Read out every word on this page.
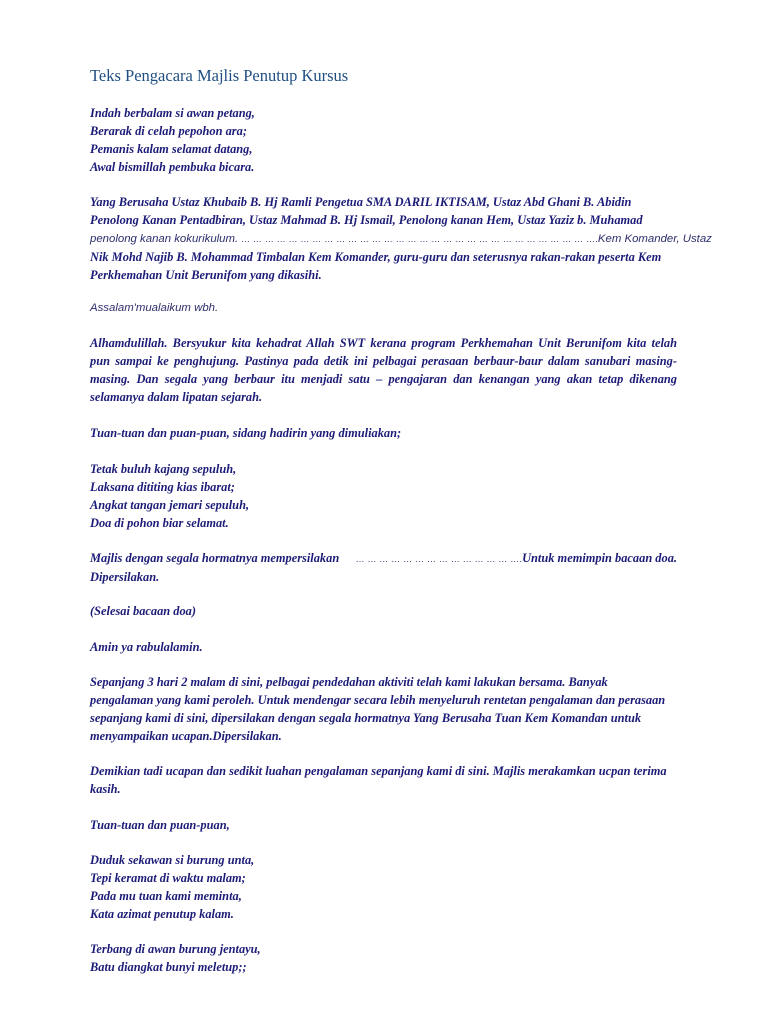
Teks Pengacara Majlis Penutup Kursus
Indah berbalam si awan petang,
Berarak di celah pepohon ara;
Pemanis kalam selamat datang,
Awal bismillah pembuka bicara.
Yang Berusaha Ustaz Khubaib B. Hj Ramli Pengetua SMA DARIL IKTISAM, Ustaz Abd Ghani B. Abidin
Penolong Kanan Pentadbiran, Ustaz Mahmad B. Hj Ismail, Penolong kanan Hem, Ustaz Yaziz b. Muhamad
penolong kanan kokurikulum. … … … … … … … … … … … … … … … … … … … … … … … … … … … … … ….Kem Komander, Ustaz
Nik Mohd Najib B. Mohammad Timbalan Kem Komander, guru-guru dan seterusnya rakan-rakan peserta Kem
Perkhemahan Unit Berunifom yang dikasihi.
Assalam'mualaikum wbh.
Alhamdulillah. Bersyukur kita kehadrat Allah SWT kerana program Perkhemahan Unit Berunifom kita telah
pun sampai ke penghujung. Pastinya pada detik ini pelbagai perasaan berbaur-baur dalam sanubari masing-
masing. Dan segala yang berbaur itu menjadi satu – pengajaran dan kenangan yang akan tetap dikenang
selamanya dalam lipatan sejarah.
Tuan-tuan dan puan-puan, sidang hadirin yang dimuliakan;
Tetak buluh kajang sepuluh,
Laksana dititing kias ibarat;
Angkat tangan jemari sepuluh,
Doa di pohon biar selamat.
Majlis dengan segala hormatnya mempersilakan … … … … … … … … … … … … … ….Untuk memimpin bacaan doa.
Dipersilakan.
(Selesai bacaan doa)
Amin ya rabulalamin.
Sepanjang 3 hari 2 malam di sini, pelbagai pendedahan aktiviti telah kami lakukan bersama. Banyak
pengalaman yang kami peroleh. Untuk mendengar secara lebih menyeluruh rentetan pengalaman dan perasaan
sepanjang kami di sini, dipersilakan dengan segala hormatnya Yang Berusaha Tuan Kem Komandan untuk
menyampaikan ucapan.Dipersilakan.
Demikian tadi ucapan dan sedikit luahan pengalaman sepanjang kami di sini. Majlis merakamkan ucpan terima
kasih.
Tuan-tuan dan puan-puan,
Duduk sekawan si burung unta,
Tepi keramat di waktu malam;
Pada mu tuan kami meminta,
Kata azimat penutup kalam.
Terbang di awan burung jentayu,
Batu diangkat bunyi meletup;;
